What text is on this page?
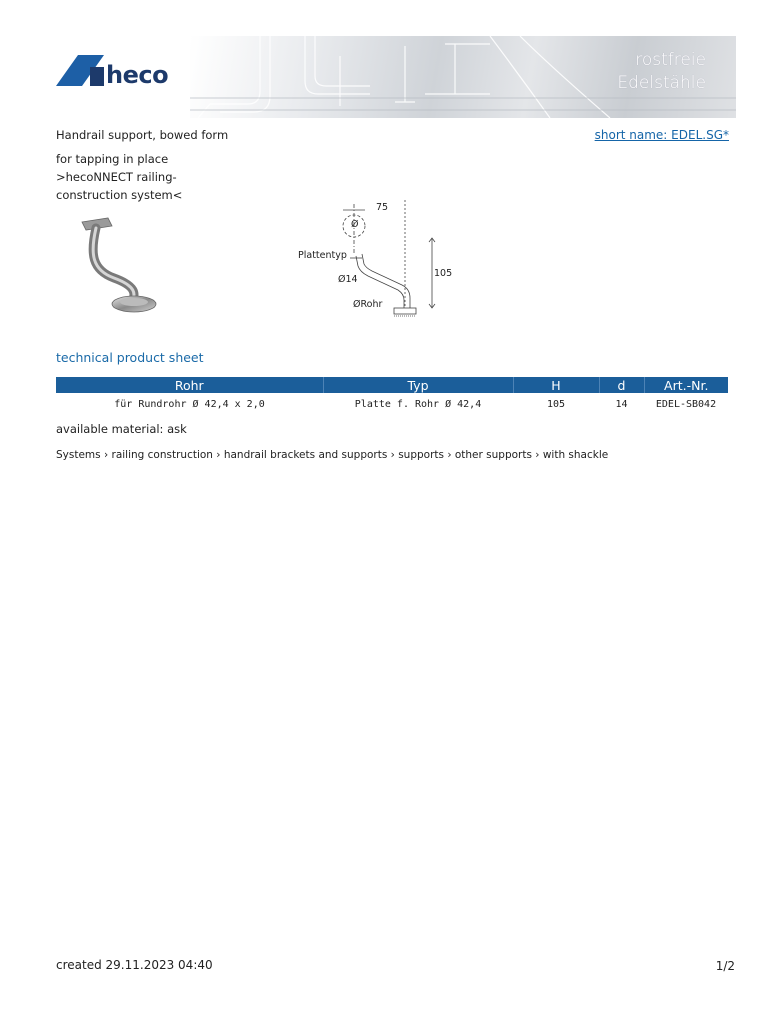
heco
rostfreie
Edelstähle
Handrail support, bowed form	short name: EDEL.SG*
for tapping in place
>hecoNNECT railing-
construction system<
75
Ø
Plattentyp
Ø14
105
ØRohr
technical product sheet
Rohr	Typ	H	d	Art.-Nr.
für Rundrohr Ø 42,4 x 2,0	Platte f. Rohr Ø 42,4	105	14	EDEL-SB042
available material: ask
Systems › railing construction › handrail brackets and supports › supports › other supports › with shackle
created 29.11.2023 04:40	1/2
